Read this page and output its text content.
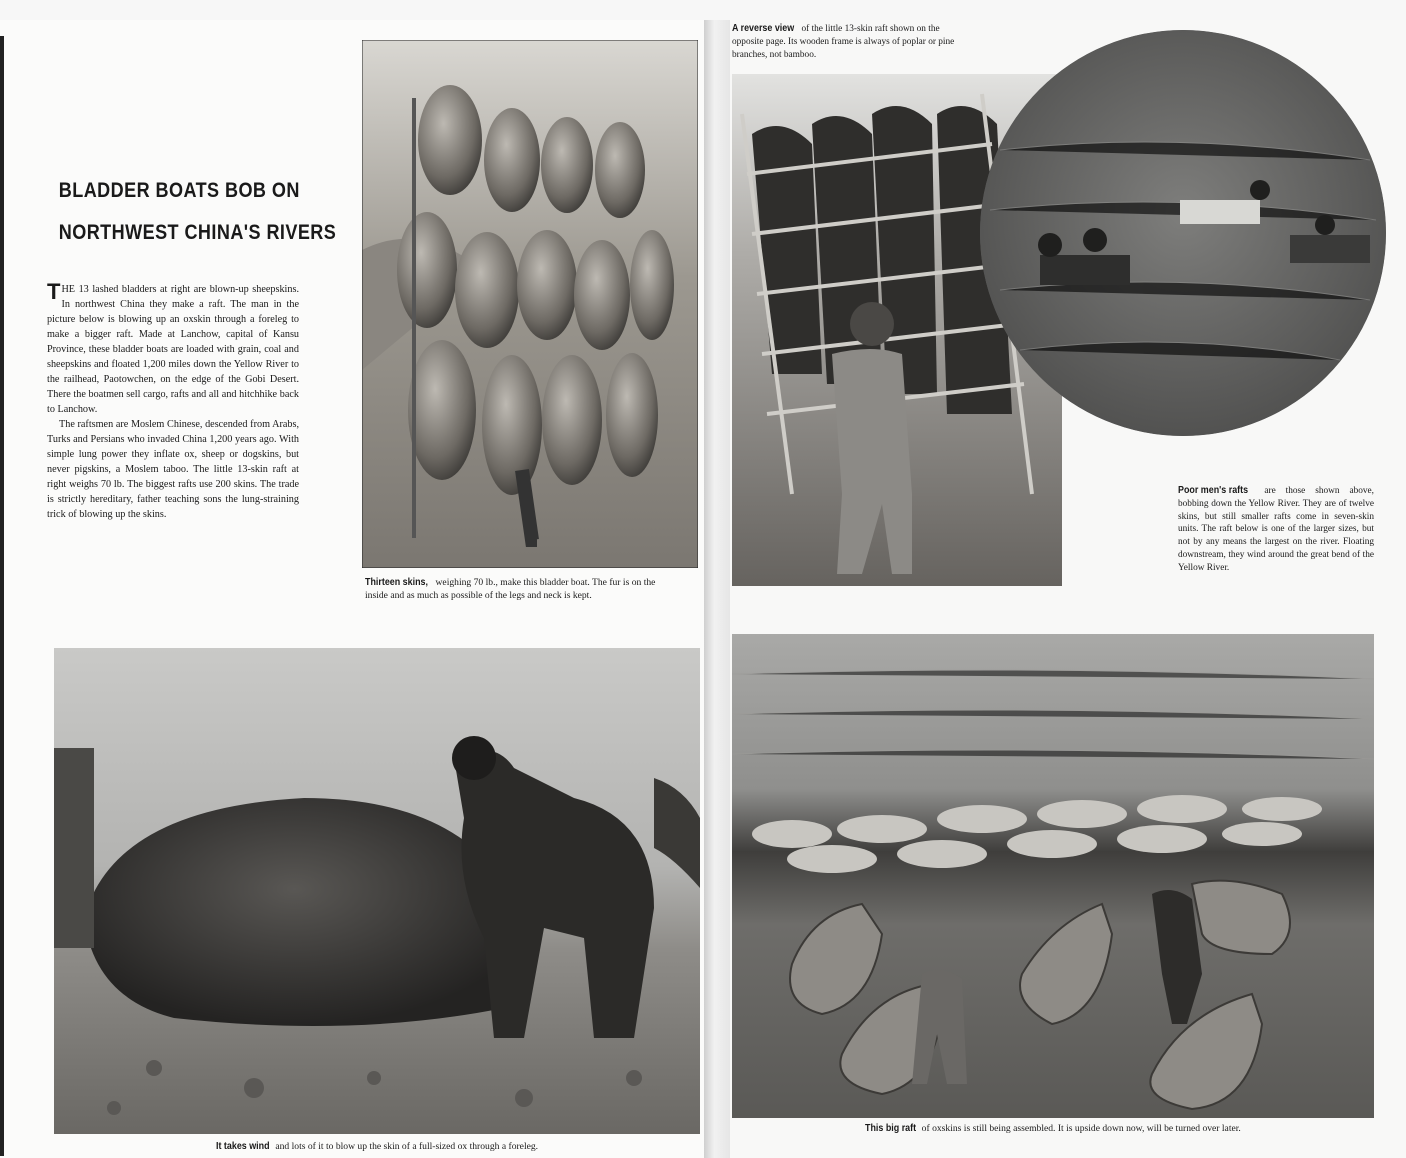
BLADDER BOATS BOB ON
NORTHWEST CHINA'S RIVERS

THE 13 lashed bladders at right are blown-up sheepskins. In northwest China they make a raft. The man in the picture below is blowing up an oxskin through a foreleg to make a bigger raft. Made at Lanchow, capital of Kansu Province, these bladder boats are loaded with grain, coal and sheepskins and floated 1,200 miles down the Yellow River to the railhead, Paotowchen, on the edge of the Gobi Desert. There the boatmen sell cargo, rafts and all and hitchhike back to Lanchow.

The raftsmen are Moslem Chinese, descended from Arabs, Turks and Persians who invaded China 1,200 years ago. With simple lung power they inflate ox, sheep or dogskins, but never pigskins, a Moslem taboo. The little 13-skin raft at right weighs 70 lb. The biggest rafts use 200 skins. The trade is strictly hereditary, father teaching sons the lung-straining trick of blowing up the skins.

Thirteen skins, weighing 70 lb., make this bladder boat. The fur is on the inside and as much as possible of the legs and neck is kept.
It takes wind and lots of it to blow up the skin of a full-sized ox through a foreleg.
A reverse view of the little 13-skin raft shown on the opposite page. Its wooden frame is always of poplar or pine branches, not bamboo.
Poor men's rafts are those shown above, bobbing down the Yellow River. They are of twelve skins, but still smaller rafts come in seven-skin units. The raft below is one of the larger sizes, but not by any means the largest on the river. Floating downstream, they wind around the great bend of the Yellow River.
This big raft of oxskins is still being assembled. It is upside down now, will be turned over later.
